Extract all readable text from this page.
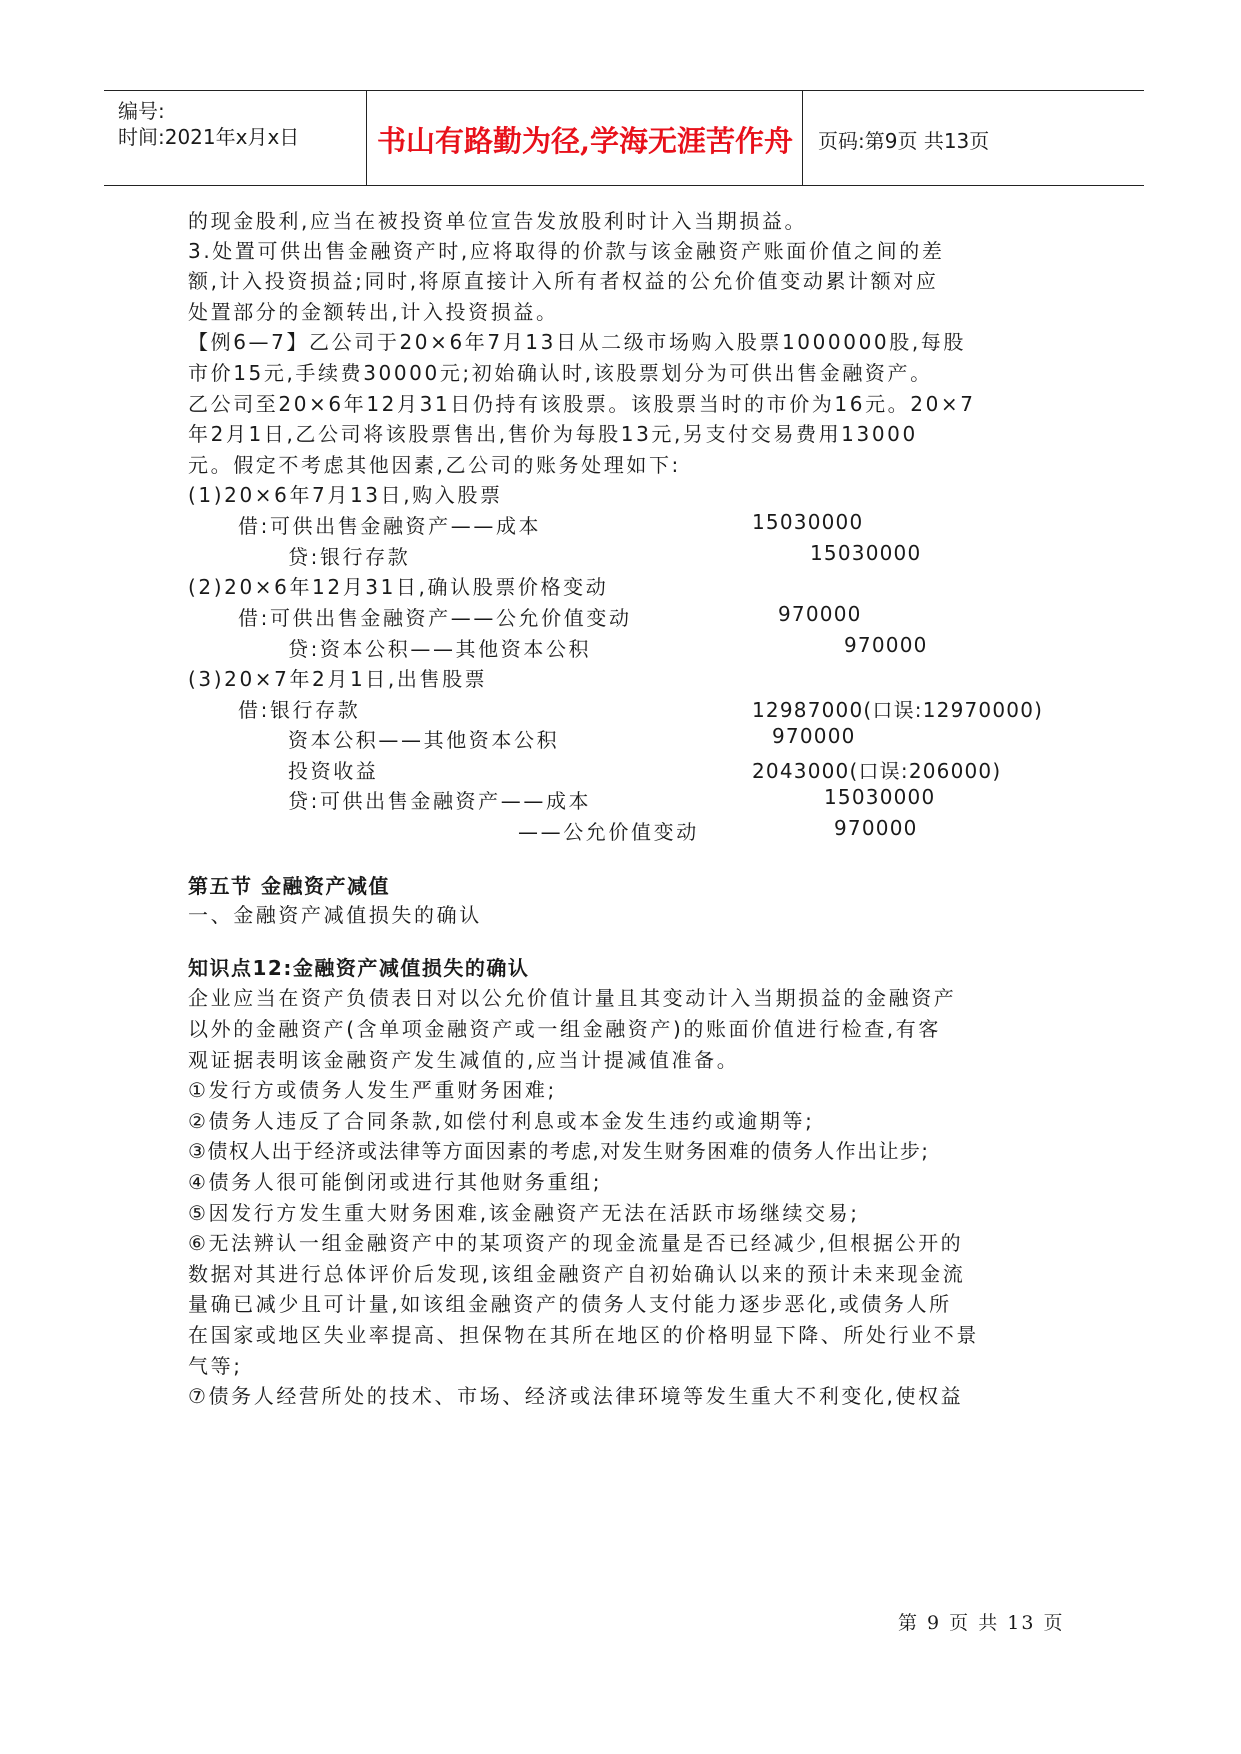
编号:
时间:2021年x月x日	书山有路勤为径,学海无涯苦作舟	页码:第9页 共13页
的现金股利,应当在被投资单位宣告发放股利时计入当期损益。
3.处置可供出售金融资产时,应将取得的价款与该金融资产账面价值之间的差
额,计入投资损益;同时,将原直接计入所有者权益的公允价值变动累计额对应
处置部分的金额转出,计入投资损益。
【例6—7】乙公司于20×6年7月13日从二级市场购入股票1000000股,每股
市价15元,手续费30000元;初始确认时,该股票划分为可供出售金融资产。
乙公司至20×6年12月31日仍持有该股票。该股票当时的市价为16元。20×7
年2月1日,乙公司将该股票售出,售价为每股13元,另支付交易费用13000
元。假定不考虑其他因素,乙公司的账务处理如下:
(1)20×6年7月13日,购入股票
借:可供出售金融资产——成本	15030000
贷:银行存款	15030000
(2)20×6年12月31日,确认股票价格变动
借:可供出售金融资产——公允价值变动	970000
贷:资本公积——其他资本公积	970000
(3)20×7年2月1日,出售股票
借:银行存款	12987000(口误:12970000)
资本公积——其他资本公积	970000
投资收益	2043000(口误:206000)
贷:可供出售金融资产——成本	15030000
——公允价值变动	970000
第五节 金融资产减值
一、金融资产减值损失的确认
知识点12:金融资产减值损失的确认
企业应当在资产负债表日对以公允价值计量且其变动计入当期损益的金融资产
以外的金融资产(含单项金融资产或一组金融资产)的账面价值进行检查,有客
观证据表明该金融资产发生减值的,应当计提减值准备。
①发行方或债务人发生严重财务困难;
②债务人违反了合同条款,如偿付利息或本金发生违约或逾期等;
③债权人出于经济或法律等方面因素的考虑,对发生财务困难的债务人作出让步;
④债务人很可能倒闭或进行其他财务重组;
⑤因发行方发生重大财务困难,该金融资产无法在活跃市场继续交易;
⑥无法辨认一组金融资产中的某项资产的现金流量是否已经减少,但根据公开的
数据对其进行总体评价后发现,该组金融资产自初始确认以来的预计未来现金流
量确已减少且可计量,如该组金融资产的债务人支付能力逐步恶化,或债务人所
在国家或地区失业率提高、担保物在其所在地区的价格明显下降、所处行业不景
气等;
⑦债务人经营所处的技术、市场、经济或法律环境等发生重大不利变化,使权益
第 9 页 共 13 页
